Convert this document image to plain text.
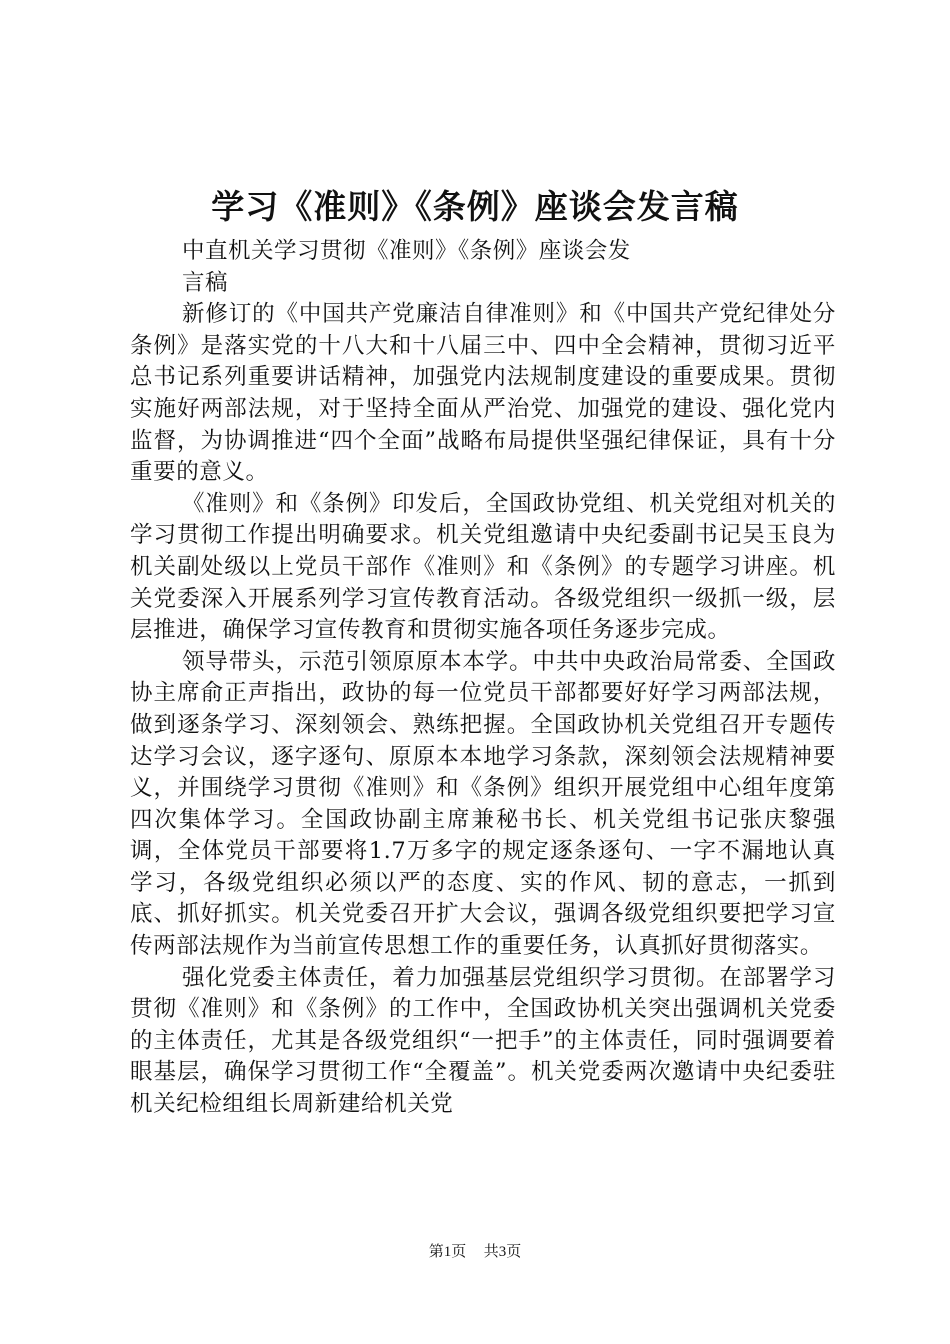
学习《准则》《条例》座谈会发言稿

中直机关学习贯彻《准则》《条例》座谈会发言稿

新修订的《中国共产党廉洁自律准则》和《中国共产党纪律处分条例》是落实党的十八大和十八届三中、四中全会精神，贯彻习近平总书记系列重要讲话精神，加强党内法规制度建设的重要成果。贯彻实施好两部法规，对于坚持全面从严治党、加强党的建设、强化党内监督，为协调推进“四个全面”战略布局提供坚强纪律保证，具有十分重要的意义。

《准则》和《条例》印发后，全国政协党组、机关党组对机关的学习贯彻工作提出明确要求。机关党组邀请中央纪委副书记吴玉良为机关副处级以上党员干部作《准则》和《条例》的专题学习讲座。机关党委深入开展系列学习宣传教育活动。各级党组织一级抓一级，层层推进，确保学习宣传教育和贯彻实施各项任务逐步完成。

领导带头，示范引领原原本本学。中共中央政治局常委、全国政协主席俞正声指出，政协的每一位党员干部都要好好学习两部法规，做到逐条学习、深刻领会、熟练把握。全国政协机关党组召开专题传达学习会议，逐字逐句、原原本本地学习条款，深刻领会法规精神要义，并围绕学习贯彻《准则》和《条例》组织开展党组中心组年度第四次集体学习。全国政协副主席兼秘书长、机关党组书记张庆黎强调，全体党员干部要将1.7万多字的规定逐条逐句、一字不漏地认真学习，各级党组织必须以严的态度、实的作风、韧的意志，一抓到底、抓好抓实。机关党委召开扩大会议，强调各级党组织要把学习宣传两部法规作为当前宣传思想工作的重要任务，认真抓好贯彻落实。

强化党委主体责任，着力加强基层党组织学习贯彻。在部署学习贯彻《准则》和《条例》的工作中，全国政协机关突出强调机关党委的主体责任，尤其是各级党组织“一把手”的主体责任，同时强调要着眼基层，确保学习贯彻工作“全覆盖”。机关党委两次邀请中央纪委驻机关纪检组组长周新建给机关党

第1页 共3页
